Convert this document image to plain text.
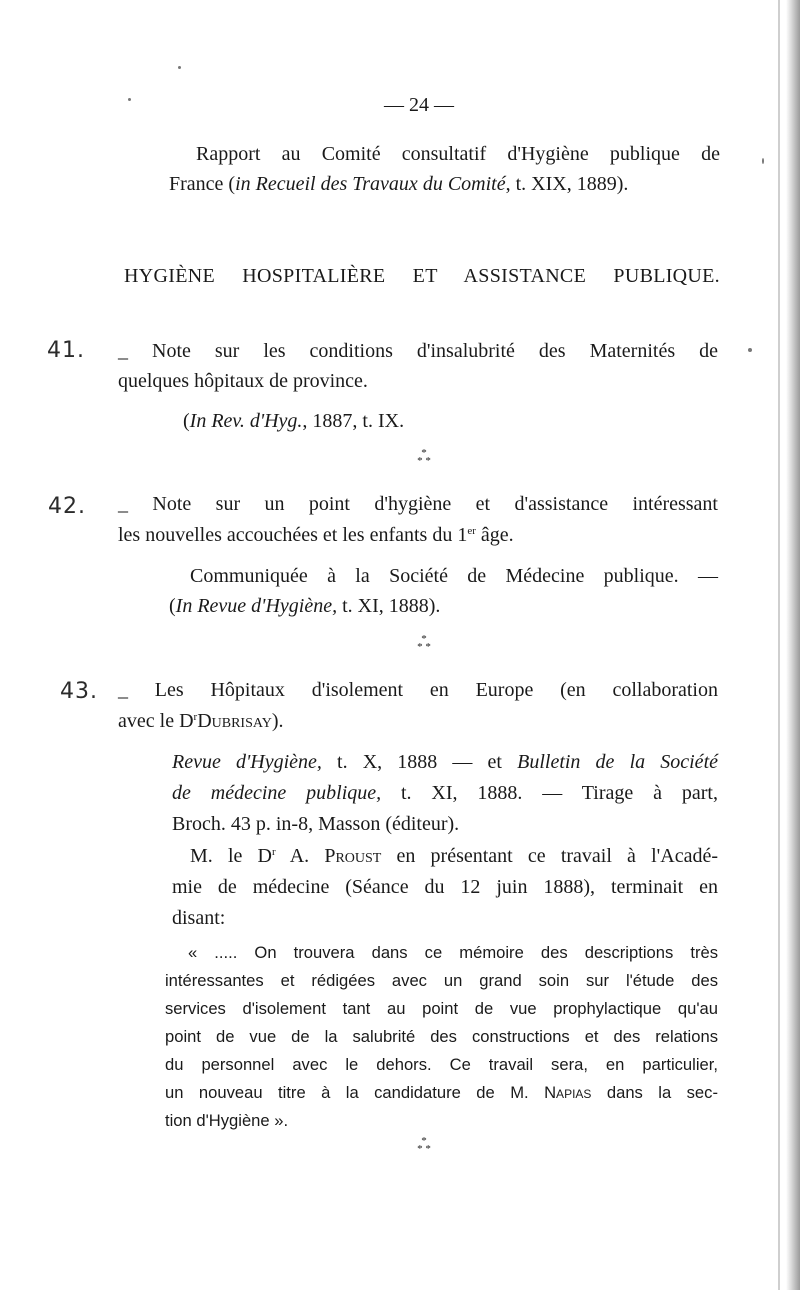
— 24 —
Rapport au Comité consultatif d'Hygiène publique de
France (in Recueil des Travaux du Comité, t. XIX, 1889).
HYGIÈNE HOSPITALIÈRE ET ASSISTANCE PUBLIQUE.
41. _ Note sur les conditions d'insalubrité des Maternités de
quelques hôpitaux de province.
(In Rev. d'Hyg., 1887, t. IX.
*
* *
42. _ Note sur un point d'hygiène et d'assistance intéressant
les nouvelles accouchées et les enfants du 1er âge.
Communiquée à la Société de Médecine publique. —
(In Revue d'Hygiène, t. XI, 1888).
*
* *
43. _ Les Hôpitaux d'isolement en Europe (en collaboration
avec le $D^rDubrisay$).
Revue d'Hygiène, t. X, 1888 — et Bulletin de la Société
de médecine publique, t. XI, 1888. — Tirage à part,
Broch. 43 p. in-8, Masson (éditeur).
M. le $D^r$ A. Proust en présentant ce travail à l'Acadé-
mie de médecine (Séance du 12 juin 1888), terminait en
disant:
« ..... On trouvera dans ce mémoire des descriptions très
intéressantes et rédigées avec un grand soin sur l'étude des
services d'isolement tant au point de vue prophylactique qu'au
point de vue de la salubrité des constructions et des relations
du personnel avec le dehors. Ce travail sera, en particulier,
un nouveau titre à la candidature de M. Napias dans la sec-
tion d'Hygiène ».
*
* *
